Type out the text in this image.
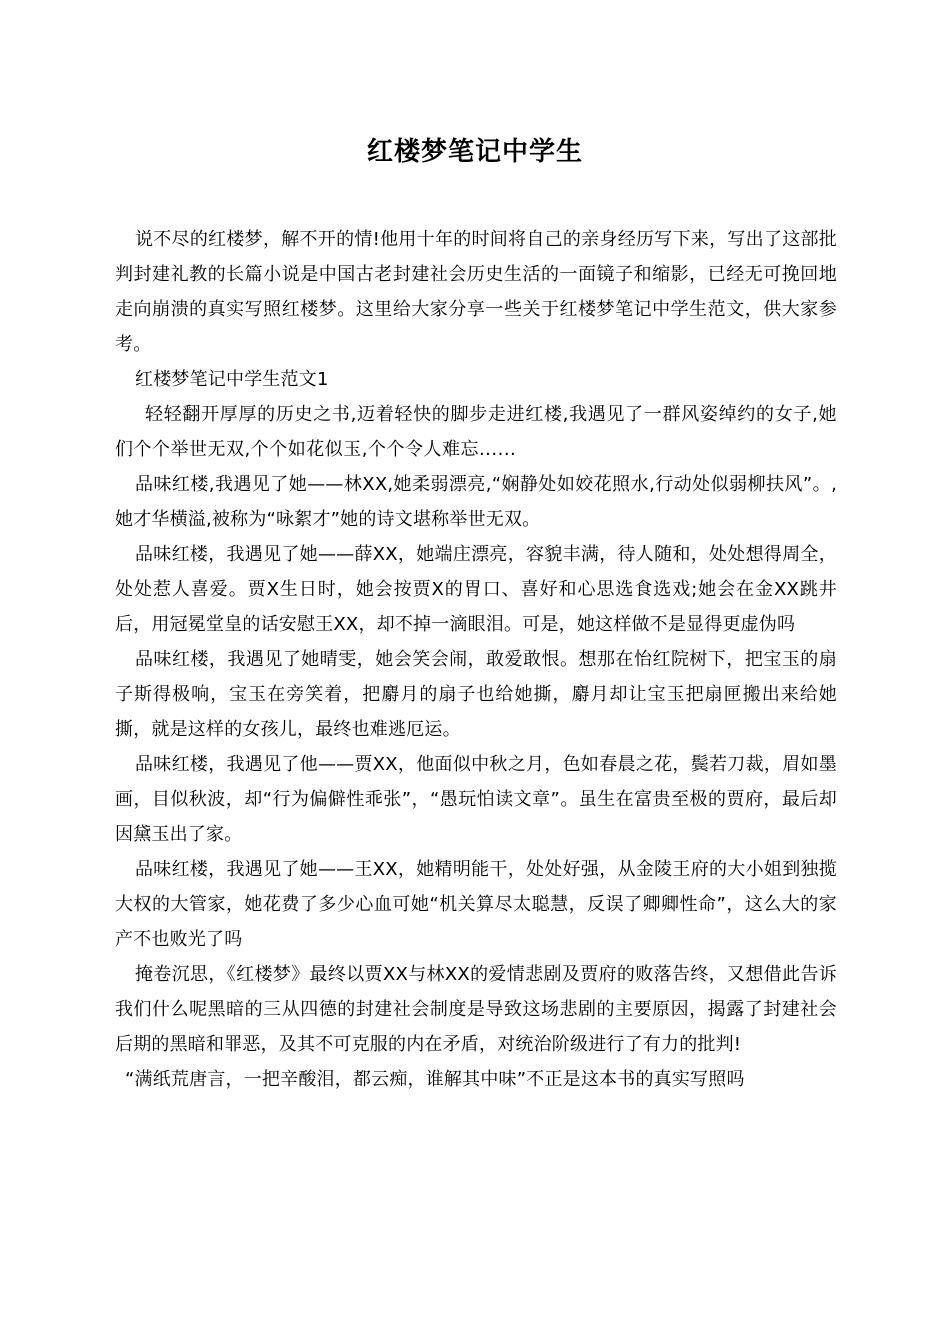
红楼梦笔记中学生

说不尽的红楼梦，解不开的情!他用十年的时间将自己的亲身经历写下来，写出了这部批判封建礼教的长篇小说是中国古老封建社会历史生活的一面镜子和缩影，已经无可挽回地走向崩溃的真实写照红楼梦。这里给大家分享一些关于红楼梦笔记中学生范文，供大家参考。

红楼梦笔记中学生范文1

轻轻翻开厚厚的历史之书,迈着轻快的脚步走进红楼,我遇见了一群风姿绰约的女子,她们个个举世无双,个个如花似玉,个个令人难忘......

品味红楼,我遇见了她——林XX,她柔弱漂亮,“娴静处如姣花照水,行动处似弱柳扶风”。,她才华横溢,被称为“咏絮才”她的诗文堪称举世无双。

品味红楼，我遇见了她——薛XX，她端庄漂亮，容貌丰满，待人随和，处处想得周全，处处惹人喜爱。贾X生日时，她会按贾X的胃口、喜好和心思选食选戏;她会在金XX跳井后，用冠冕堂皇的话安慰王XX，却不掉一滴眼泪。可是，她这样做不是显得更虚伪吗

品味红楼，我遇见了她晴雯，她会笑会闹，敢爱敢恨。想那在怡红院树下，把宝玉的扇子斯得极响，宝玉在旁笑着，把麝月的扇子也给她撕，麝月却让宝玉把扇匣搬出来给她撕，就是这样的女孩儿，最终也难逃厄运。

品味红楼，我遇见了他——贾XX，他面似中秋之月，色如春晨之花，鬓若刀裁，眉如墨画，目似秋波，却“行为偏僻性乖张”，“愚玩怕读文章”。虽生在富贵至极的贾府，最后却因黛玉出了家。

品味红楼，我遇见了她——王XX，她精明能干，处处好强，从金陵王府的大小姐到独揽大权的大管家，她花费了多少心血可她“机关算尽太聪慧，反误了卿卿性命”，这么大的家产不也败光了吗

掩卷沉思，《红楼梦》最终以贾XX与林XX的爱情悲剧及贾府的败落告终，又想借此告诉我们什么呢黑暗的三从四德的封建社会制度是导致这场悲剧的主要原因，揭露了封建社会后期的黑暗和罪恶，及其不可克服的内在矛盾，对统治阶级进行了有力的批判!

“满纸荒唐言，一把辛酸泪，都云痴，谁解其中味”不正是这本书的真实写照吗
